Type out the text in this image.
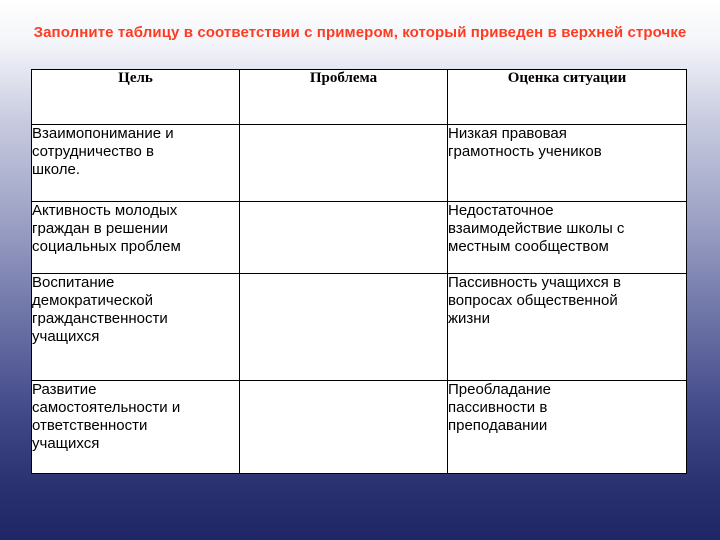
Заполните таблицу в соответствии с примером, который приведен в верхней строчке
Цель	Проблема	Оценка ситуации

Взаимопонимание и
сотрудничество в
школе.		Низкая правовая
грамотность учеников

Активность молодых
граждан в решении
социальных проблем		Недостаточное
взаимодействие школы с
местным сообществом

Воспитание
демократической
гражданственности
учащихся		Пассивность учащихся в
вопросах общественной
жизни

Развитие
самостоятельности и
ответственности
учащихся		Преобладание
пассивности в
преподавании
